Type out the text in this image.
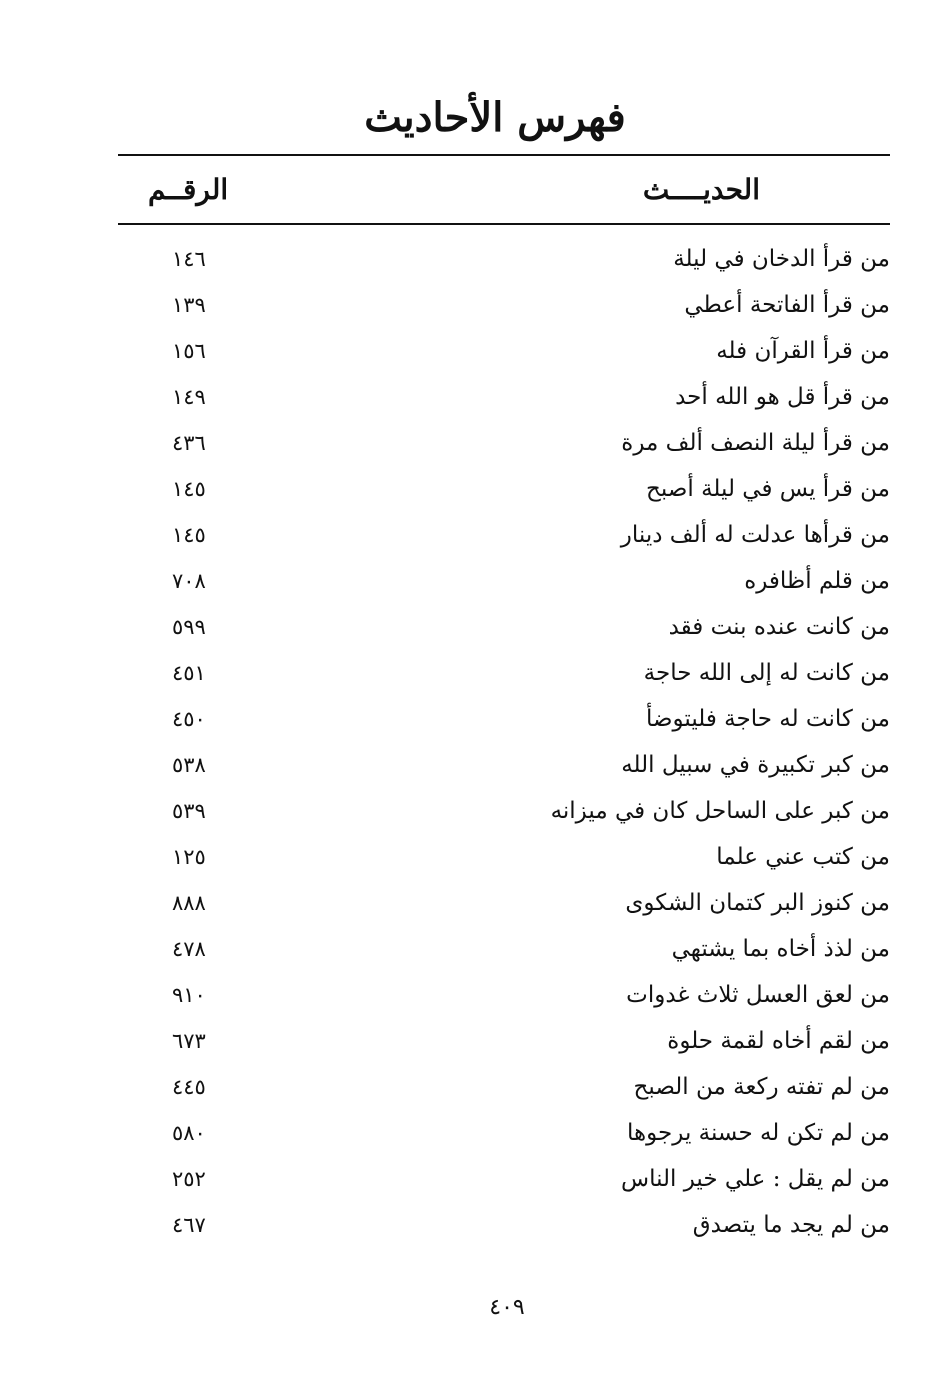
فهرس الأحاديث
الحديــــث
الرقــم
من قرأ الدخان في ليلة
١٤٦
من قرأ الفاتحة أعطي
١٣٩
من قرأ القرآن فله
١٥٦
من قرأ قل هو الله أحد
١٤٩
من قرأ ليلة النصف ألف مرة
٤٣٦
من قرأ يس في ليلة أصبح
١٤٥
من قرأها عدلت له ألف دينار
١٤٥
من قلم أظافره
٧٠٨
من كانت عنده بنت فقد
٥٩٩
من كانت له إلى الله حاجة
٤٥١
من كانت له حاجة فليتوضأ
٤٥٠
من كبر تكبيرة في سبيل الله
٥٣٨
من كبر على الساحل كان في ميزانه
٥٣٩
من كتب عني علما
١٢٥
من كنوز البر كتمان الشكوى
٨٨٨
من لذذ أخاه بما يشتهي
٤٧٨
من لعق العسل ثلاث غدوات
٩١٠
من لقم أخاه لقمة حلوة
٦٧٣
من لم تفته ركعة من الصبح
٤٤٥
من لم تكن له حسنة يرجوها
٥٨٠
من لم يقل : علي خير الناس
٢٥٢
من لم يجد ما يتصدق
٤٦٧
٤٠٩
